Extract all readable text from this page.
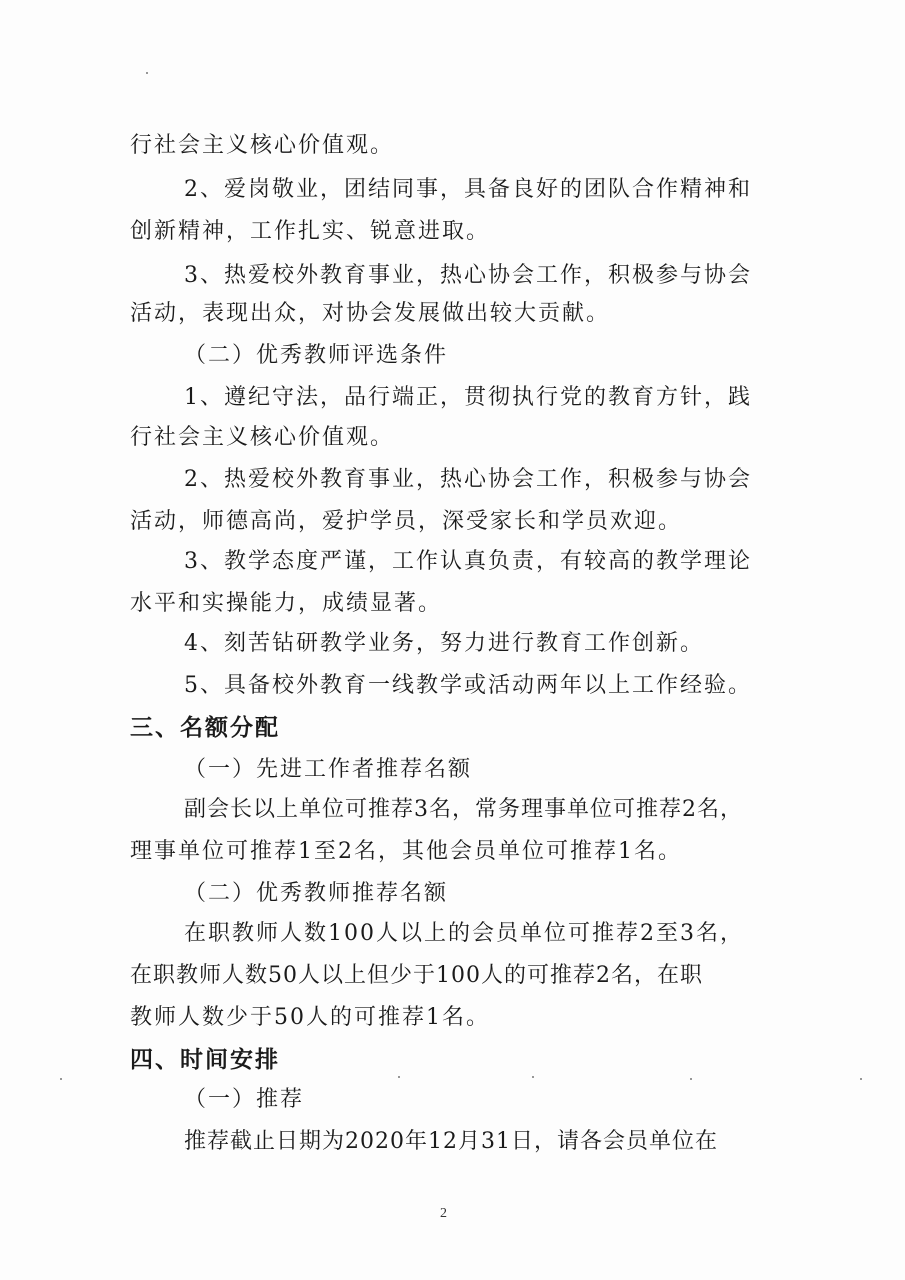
行社会主义核心价值观。
2、爱岗敬业，团结同事，具备良好的团队合作精神和
创新精神，工作扎实、锐意进取。
3、热爱校外教育事业，热心协会工作，积极参与协会
活动，表现出众，对协会发展做出较大贡献。
（二）优秀教师评选条件
1、遵纪守法，品行端正，贯彻执行党的教育方针，践
行社会主义核心价值观。
2、热爱校外教育事业，热心协会工作，积极参与协会
活动，师德高尚，爱护学员，深受家长和学员欢迎。
3、教学态度严谨，工作认真负责，有较高的教学理论
水平和实操能力，成绩显著。
4、刻苦钻研教学业务，努力进行教育工作创新。
5、具备校外教育一线教学或活动两年以上工作经验。
三、名额分配
（一）先进工作者推荐名额
副会长以上单位可推荐3名，常务理事单位可推荐2名，
理事单位可推荐1至2名，其他会员单位可推荐1名。
（二）优秀教师推荐名额
在职教师人数100人以上的会员单位可推荐2至3名，
在职教师人数50人以上但少于100人的可推荐2名，在职
教师人数少于50人的可推荐1名。
四、时间安排
（一）推荐
推荐截止日期为2020年12月31日，请各会员单位在
2
